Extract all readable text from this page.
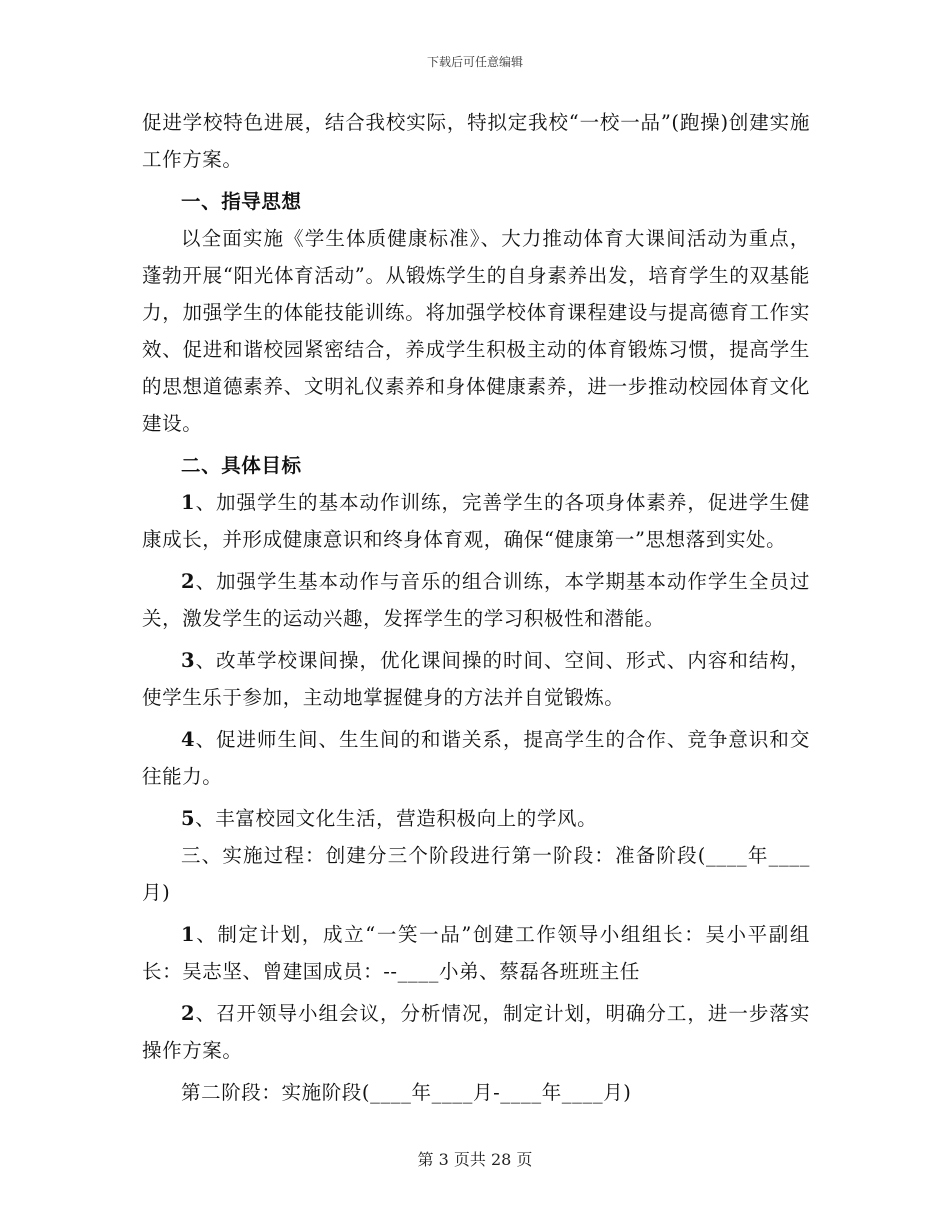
下载后可任意编辑

促进学校特色进展，结合我校实际，特拟定我校“一校一品”(跑操)创建实施工作方案。

一、指导思想

以全面实施《学生体质健康标准》、大力推动体育大课间活动为重点，蓬勃开展“阳光体育活动”。从锻炼学生的自身素养出发，培育学生的双基能力，加强学生的体能技能训练。将加强学校体育课程建设与提高德育工作实效、促进和谐校园紧密结合，养成学生积极主动的体育锻炼习惯，提高学生的思想道德素养、文明礼仪素养和身体健康素养，进一步推动校园体育文化建设。

二、具体目标

1、加强学生的基本动作训练，完善学生的各项身体素养，促进学生健康成长，并形成健康意识和终身体育观，确保“健康第一”思想落到实处。

2、加强学生基本动作与音乐的组合训练，本学期基本动作学生全员过关，激发学生的运动兴趣，发挥学生的学习积极性和潜能。

3、改革学校课间操，优化课间操的时间、空间、形式、内容和结构，使学生乐于参加，主动地掌握健身的方法并自觉锻炼。

4、促进师生间、生生间的和谐关系，提高学生的合作、竞争意识和交往能力。

5、丰富校园文化生活，营造积极向上的学风。

三、实施过程：创建分三个阶段进行第一阶段：准备阶段(____年____月)

1、制定计划，成立“一笑一品”创建工作领导小组组长：吴小平副组长：吴志坚、曾建国成员：--____小弟、蔡磊各班班主任

2、召开领导小组会议，分析情况，制定计划，明确分工，进一步落实操作方案。

第二阶段：实施阶段(____年____月-____年____月)

第 3 页共 28 页
